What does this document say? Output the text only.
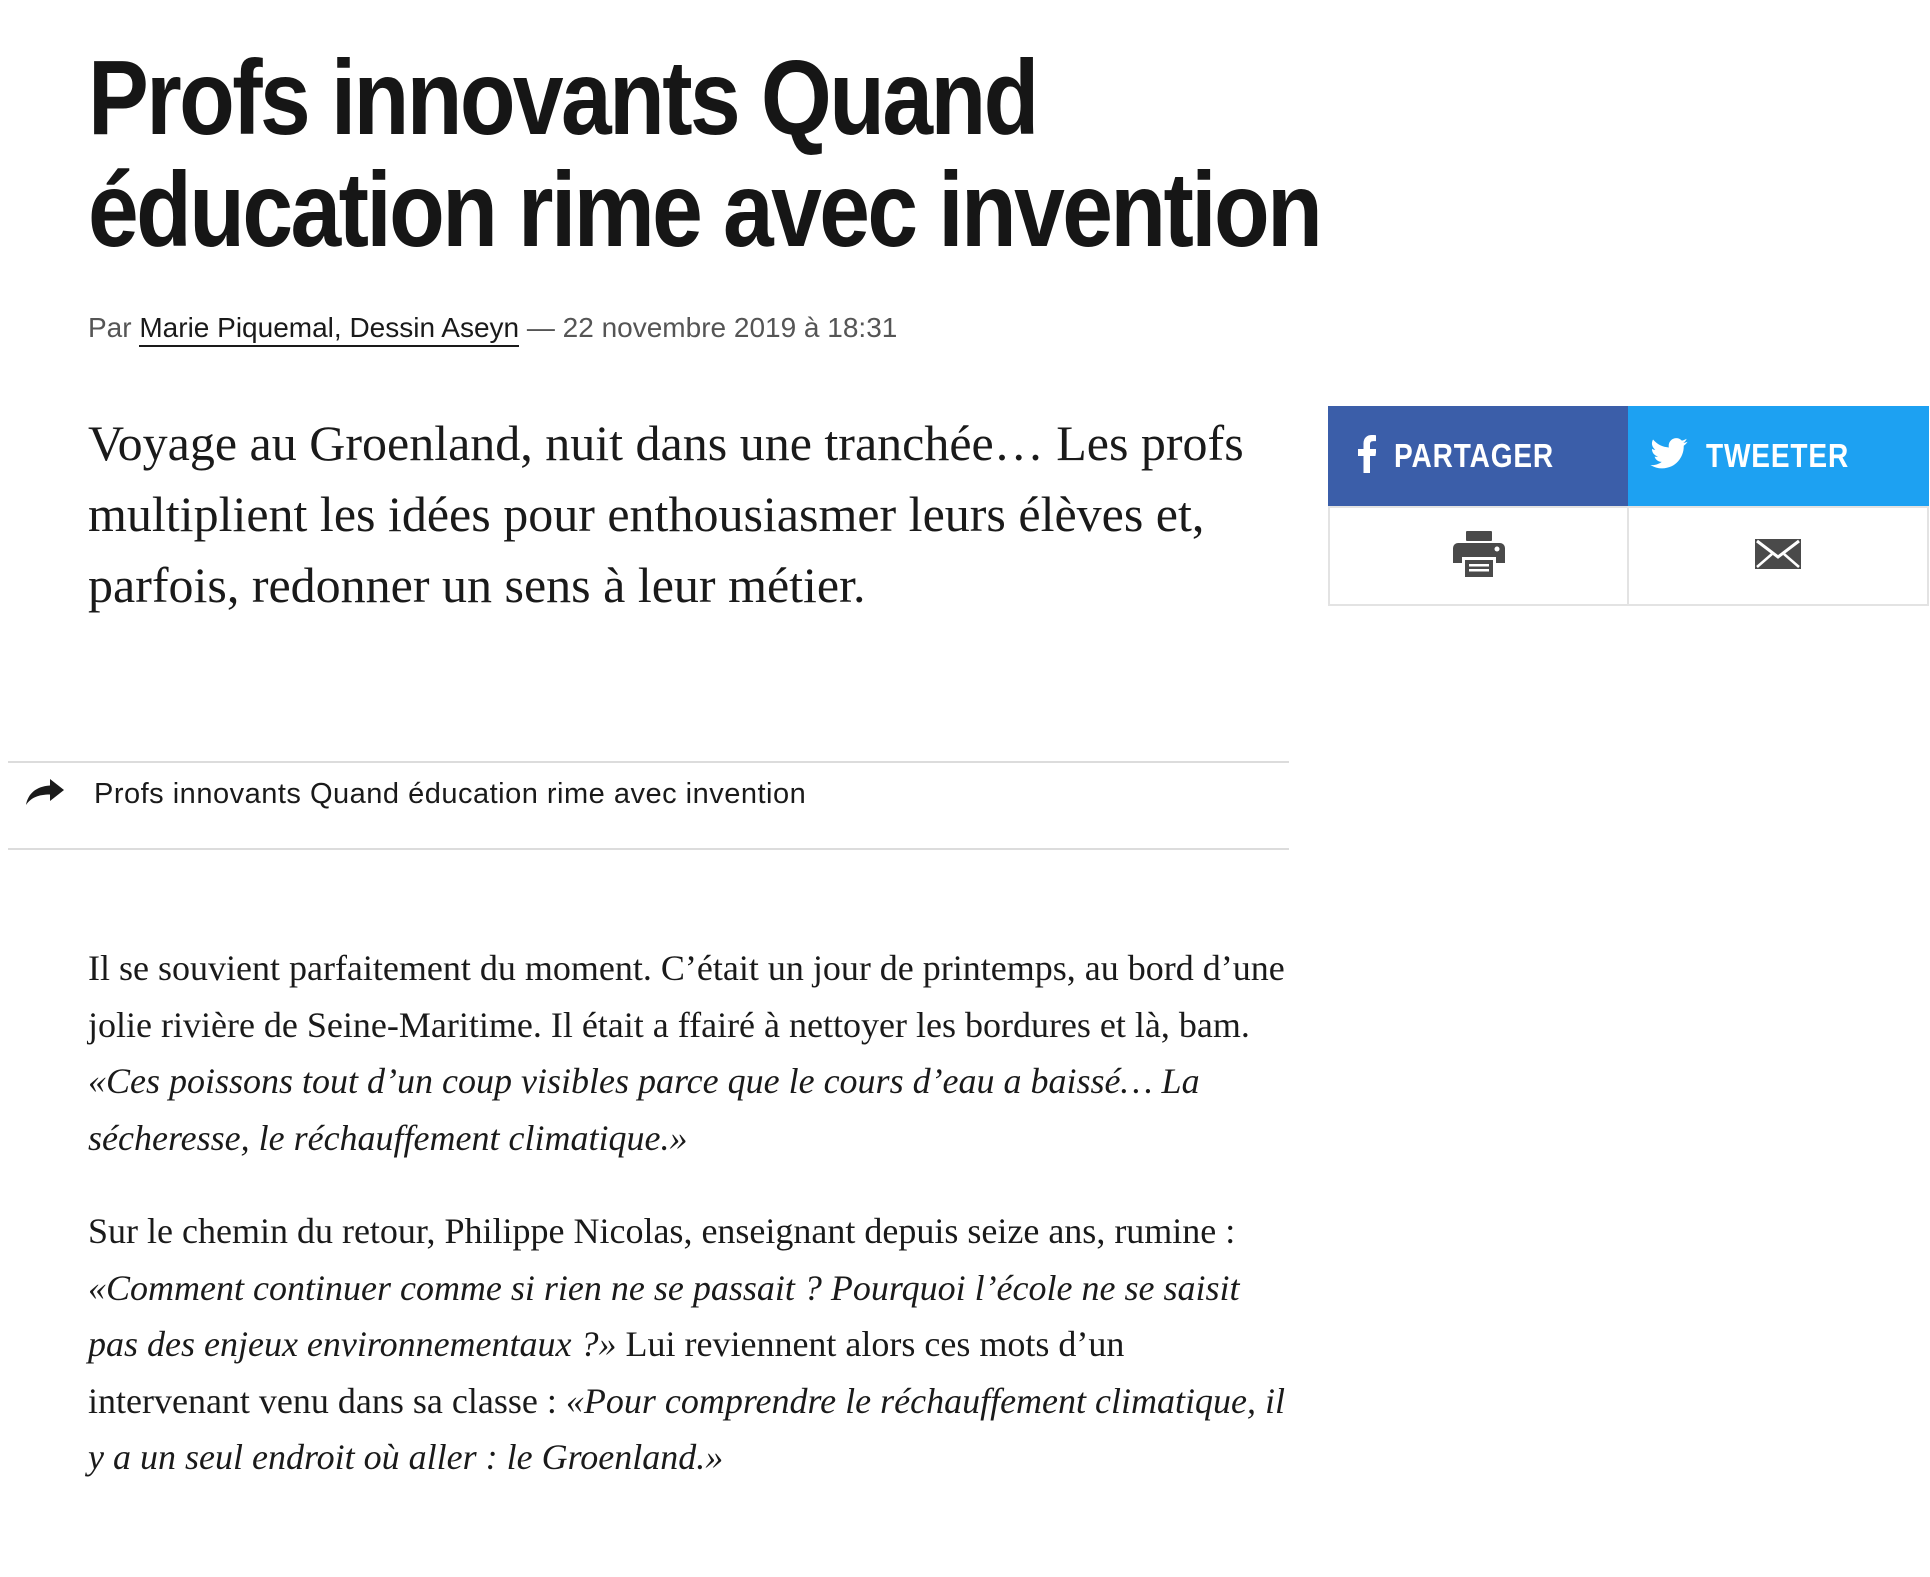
Profs innovants Quand éducation rime avec invention
Par Marie Piquemal, Dessin Aseyn — 22 novembre 2019 à 18:31

Voyage au Groenland, nuit dans une tranchée… Les profs multiplient les idées pour enthousiasmer leurs élèves et, parfois, redonner un sens à leur métier.

PARTAGER	TWEETER
Profs innovants Quand éducation rime avec invention

Il se souvient parfaitement du moment. C’était un jour de printemps, au bord d’une jolie rivière de Seine-Maritime. Il était a ffairé à nettoyer les bordures et là, bam. «Ces poissons tout d’un coup visibles parce que le cours d’eau a baissé… La sécheresse, le réchauffement climatique.»

Sur le chemin du retour, Philippe Nicolas, enseignant depuis seize ans, rumine : «Comment continuer comme si rien ne se passait ? Pourquoi l’école ne se saisit pas des enjeux environnementaux ?» Lui reviennent alors ces mots d’un intervenant venu dans sa classe : «Pour comprendre le réchauffement climatique, il y a un seul endroit où aller : le Groenland.»
